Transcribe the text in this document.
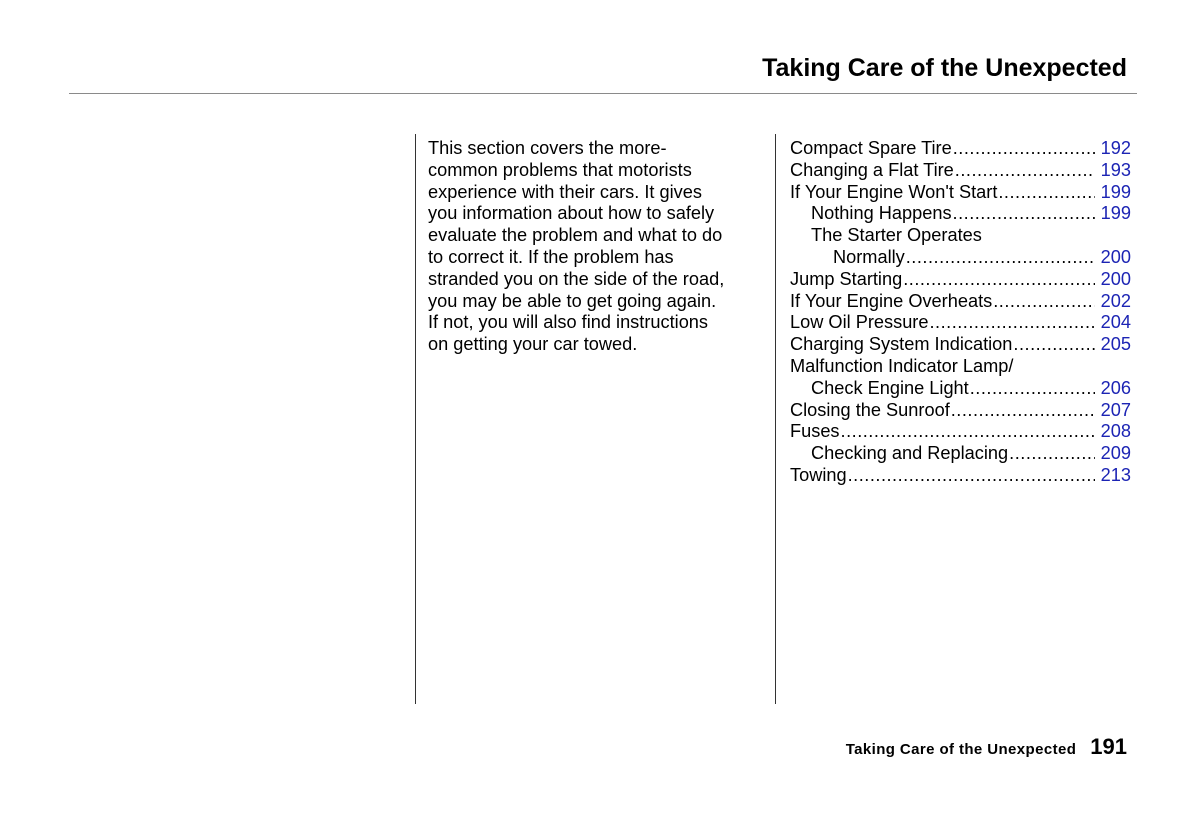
Taking Care of the Unexpected
This section covers the more-
common problems that motorists
experience with their cars. It gives
you information about how to safely
evaluate the problem and what to do
to correct it. If the problem has
stranded you on the side of the road,
you may be able to get going again.
If not, you will also find instructions
on getting your car towed.
Compact Spare Tire .....	192
Changing a Flat Tire .....	193
If Your Engine Won't Start .....	199
Nothing Happens .....	199
The Starter Operates
Normally .....	200
Jump Starting .....	200
If Your Engine Overheats .....	202
Low Oil Pressure .....	204
Charging System Indication .....	205
Malfunction Indicator Lamp/
Check Engine Light .....	206
Closing the Sunroof .....	207
Fuses .....	208
Checking and Replacing .....	209
Towing .....	213
Taking Care of the Unexpected 191
